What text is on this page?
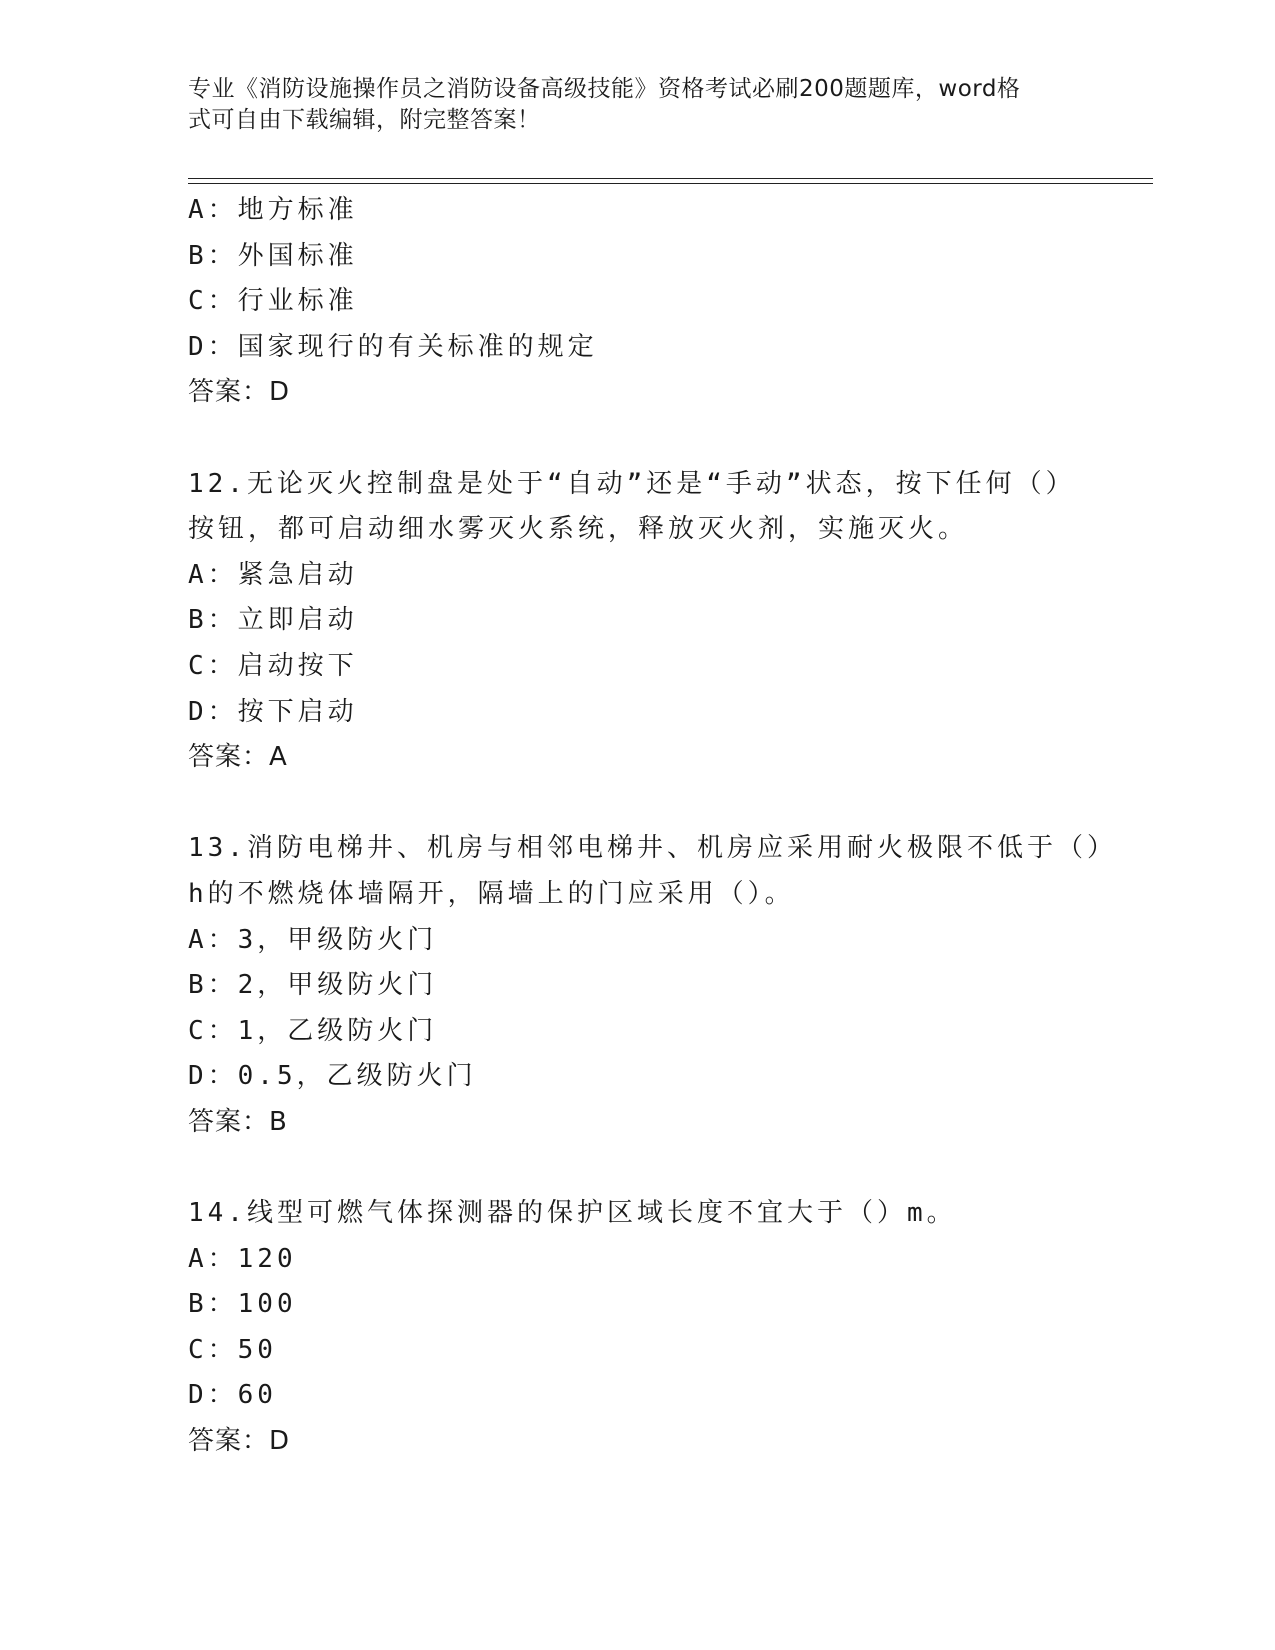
专业《消防设施操作员之消防设备高级技能》资格考试必刷200题题库，word格
式可自由下载编辑，附完整答案！
A：地方标准
B：外国标准
C：行业标准
D：国家现行的有关标准的规定
答案：D
12.无论灭火控制盘是处于“自动”还是“手动”状态，按下任何（）
按钮，都可启动细水雾灭火系统，释放灭火剂，实施灭火。
A：紧急启动
B：立即启动
C：启动按下
D：按下启动
答案：A
13.消防电梯井、机房与相邻电梯井、机房应采用耐火极限不低于（）
h的不燃烧体墙隔开，隔墙上的门应采用（）。
A：3，甲级防火门
B：2，甲级防火门
C：1，乙级防火门
D：0.5，乙级防火门
答案：B
14.线型可燃气体探测器的保护区域长度不宜大于（）m。
A：120
B：100
C：50
D：60
答案：D
